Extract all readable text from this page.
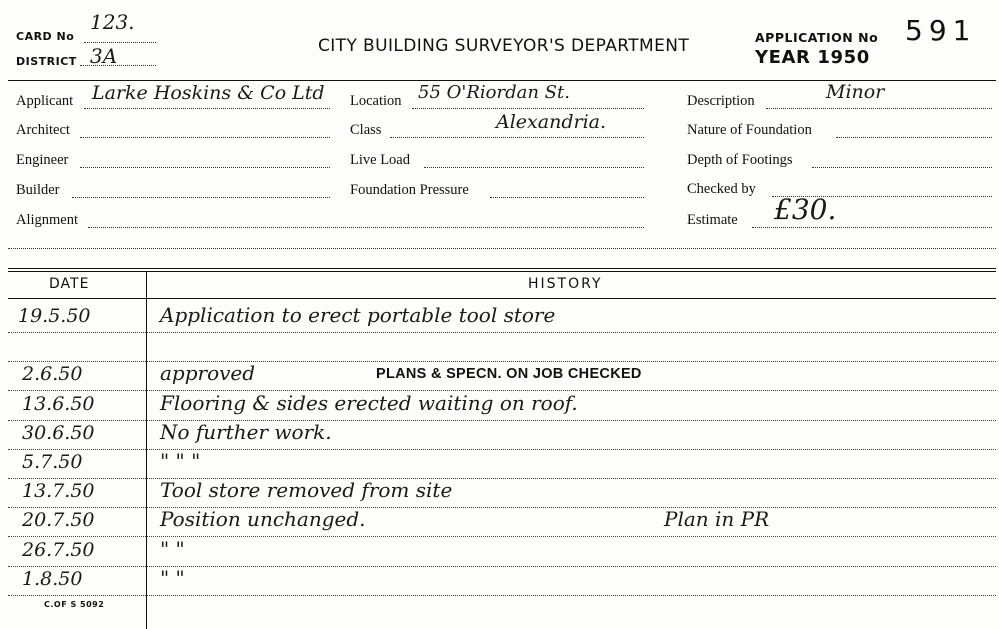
CARD No
123.
DISTRICT 3A	CITY BUILDING SURVEYOR'S DEPARTMENT	APPLICATION No 591
YEAR 1950
Applicant Larke Hoskins & Co Ltd
Architect
Engineer
Builder
Alignment
Location 55 O'Riordan St.
Class	Alexandria.
Live Load
Foundation Pressure
Description	Minor
Nature of Foundation
Depth of Footings
Checked by
Estimate £30.
DATE	HISTORY
19.5.50	Application to erect portable tool store
2.6.50	approved	PLANS & SPECN. ON JOB CHECKED
13.6.50	Flooring & sides erected waiting on roof.
30.6.50	No further work.
5.7.50	" " "
13.7.50	Tool store removed from site
20.7.50	Position unchanged.	Plan in PR
26.7.50	" "
1.8.50	" "
C.OF S 5092
